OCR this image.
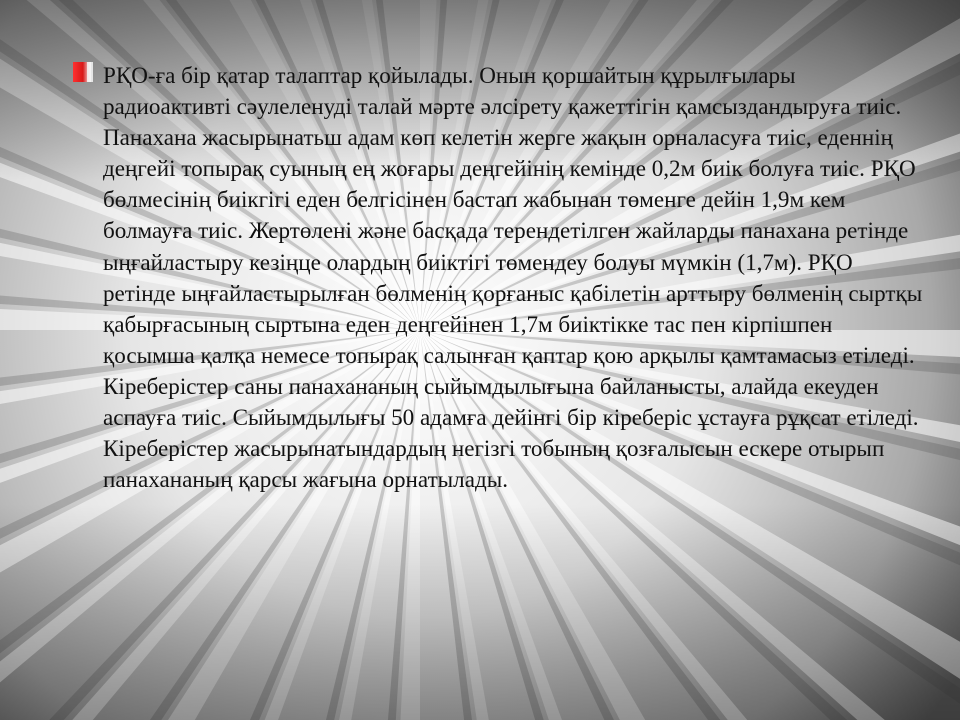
РҚО-ға бір қатар талаптар қойылады. Онын қоршайтын құрылғылары радиоактивті сәулеленуді талай мәрте әлсірету қажеттігін қамсыздандыруға тиіс. Панахана жасырынатьш адам көп келетін жерге жақын орналасуға тиіс, еденнің деңгейі топырақ суының ең жоғары деңгейінің кемінде 0,2м биік болуға тиіс. РҚО бөлмесінің биікгігі еден белгісінен бастап жабынан төменге дейін 1,9м кем болмауға тиіс. Жертөлені және басқада терендетілген жайларды панахана ретінде ыңғайластыру кезіңце олардың биіктігі төмендеу болуы мүмкін (1,7м). РҚО ретінде ыңғайластырылған бөлменің қорғаныс қабілетін арттыру бөлменің сыртқы қабырғасының сыртына еден деңгейінен 1,7м биіктікке тас пен кірпішпен қосымша қалқа немесе топырақ салынған қаптар қою арқылы қамтамасыз етіледі. Кіреберістер саны панахананың сыйымдылығына байланысты, алайда екеуден аспауға тиіс. Сыйымдылығы 50 адамға дейінгі бір кіреберіс ұстауға рұқсат етіледі. Кіреберістер жасырынатындардың негізгі тобының қозғалысын ескере отырып панахананың қарсы жағына орнатылады.
